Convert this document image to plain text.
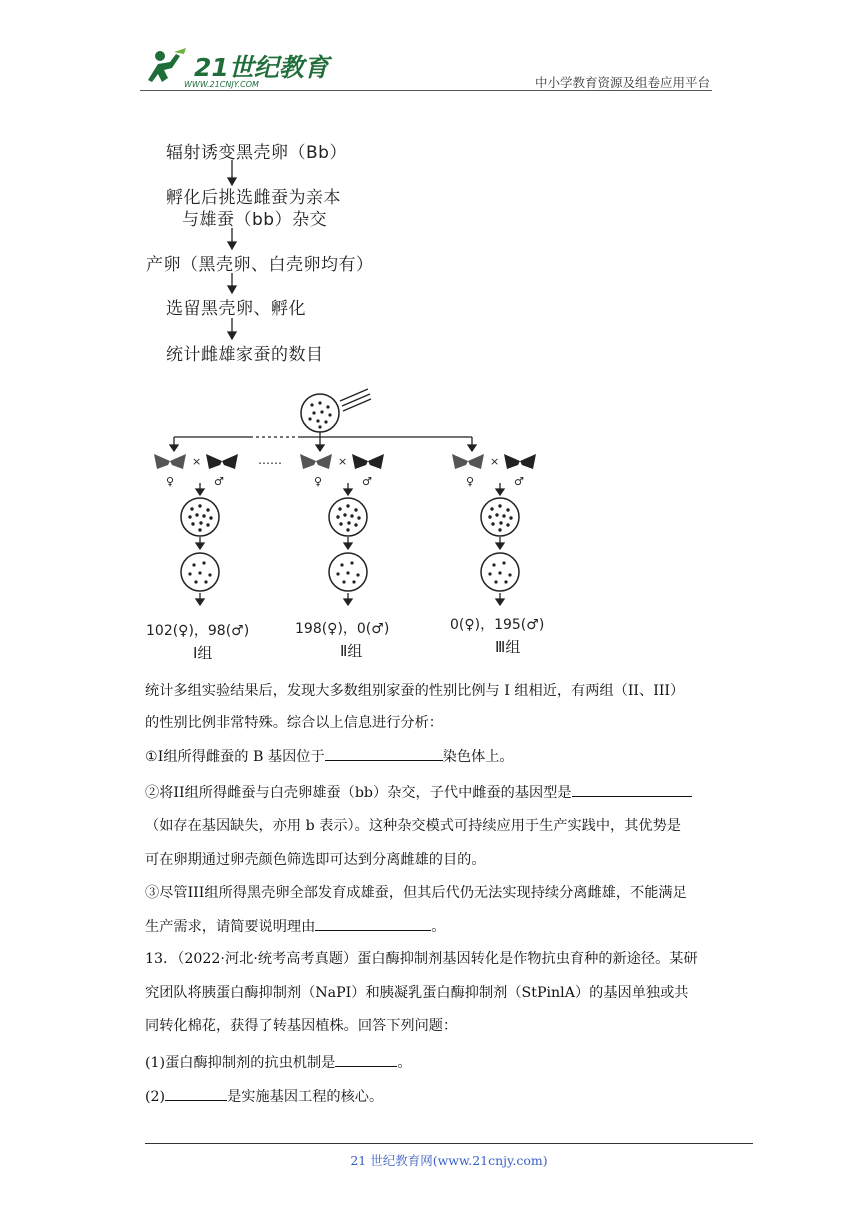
21世纪教育
WWW.21CNJY.COM	中小学教育资源及组卷应用平台
辐射诱变黑壳卵（Bb）
孵化后挑选雌蚕为亲本
与雄蚕（bb）杂交
产卵（黑壳卵、白壳卵均有）
选留黑壳卵、孵化
统计雌雄家蚕的数目
×	×	×
……
♀	♂	♀	♂	♀	♂
102(♀)，98(♂)
Ⅰ组
198(♀)，0(♂)
Ⅱ组
0(♀)，195(♂)
Ⅲ组
统计多组实验结果后，发现大多数组别家蚕的性别比例与 I 组相近，有两组（II、III）
的性别比例非常特殊。综合以上信息进行分析：
①I组所得雌蚕的 B 基因位于	染色体上。
②将II组所得雌蚕与白壳卵雄蚕（bb）杂交，子代中雌蚕的基因型是
（如存在基因缺失，亦用 b 表示）。这种杂交模式可持续应用于生产实践中，其优势是
可在卵期通过卵壳颜色筛选即可达到分离雌雄的目的。
③尽管III组所得黑壳卵全部发育成雄蚕，但其后代仍无法实现持续分离雌雄，不能满足
生产需求，请简要说明理由	。
13．（2022·河北·统考高考真题）蛋白酶抑制剂基因转化是作物抗虫育种的新途径。某研
究团队将胰蛋白酶抑制剂（NaPI）和胰凝乳蛋白酶抑制剂（StPinlA）的基因单独或共
同转化棉花，获得了转基因植株。回答下列问题：
(1)蛋白酶抑制剂的抗虫机制是	。
(2)	是实施基因工程的核心。
21 世纪教育网(www.21cnjy.com)
